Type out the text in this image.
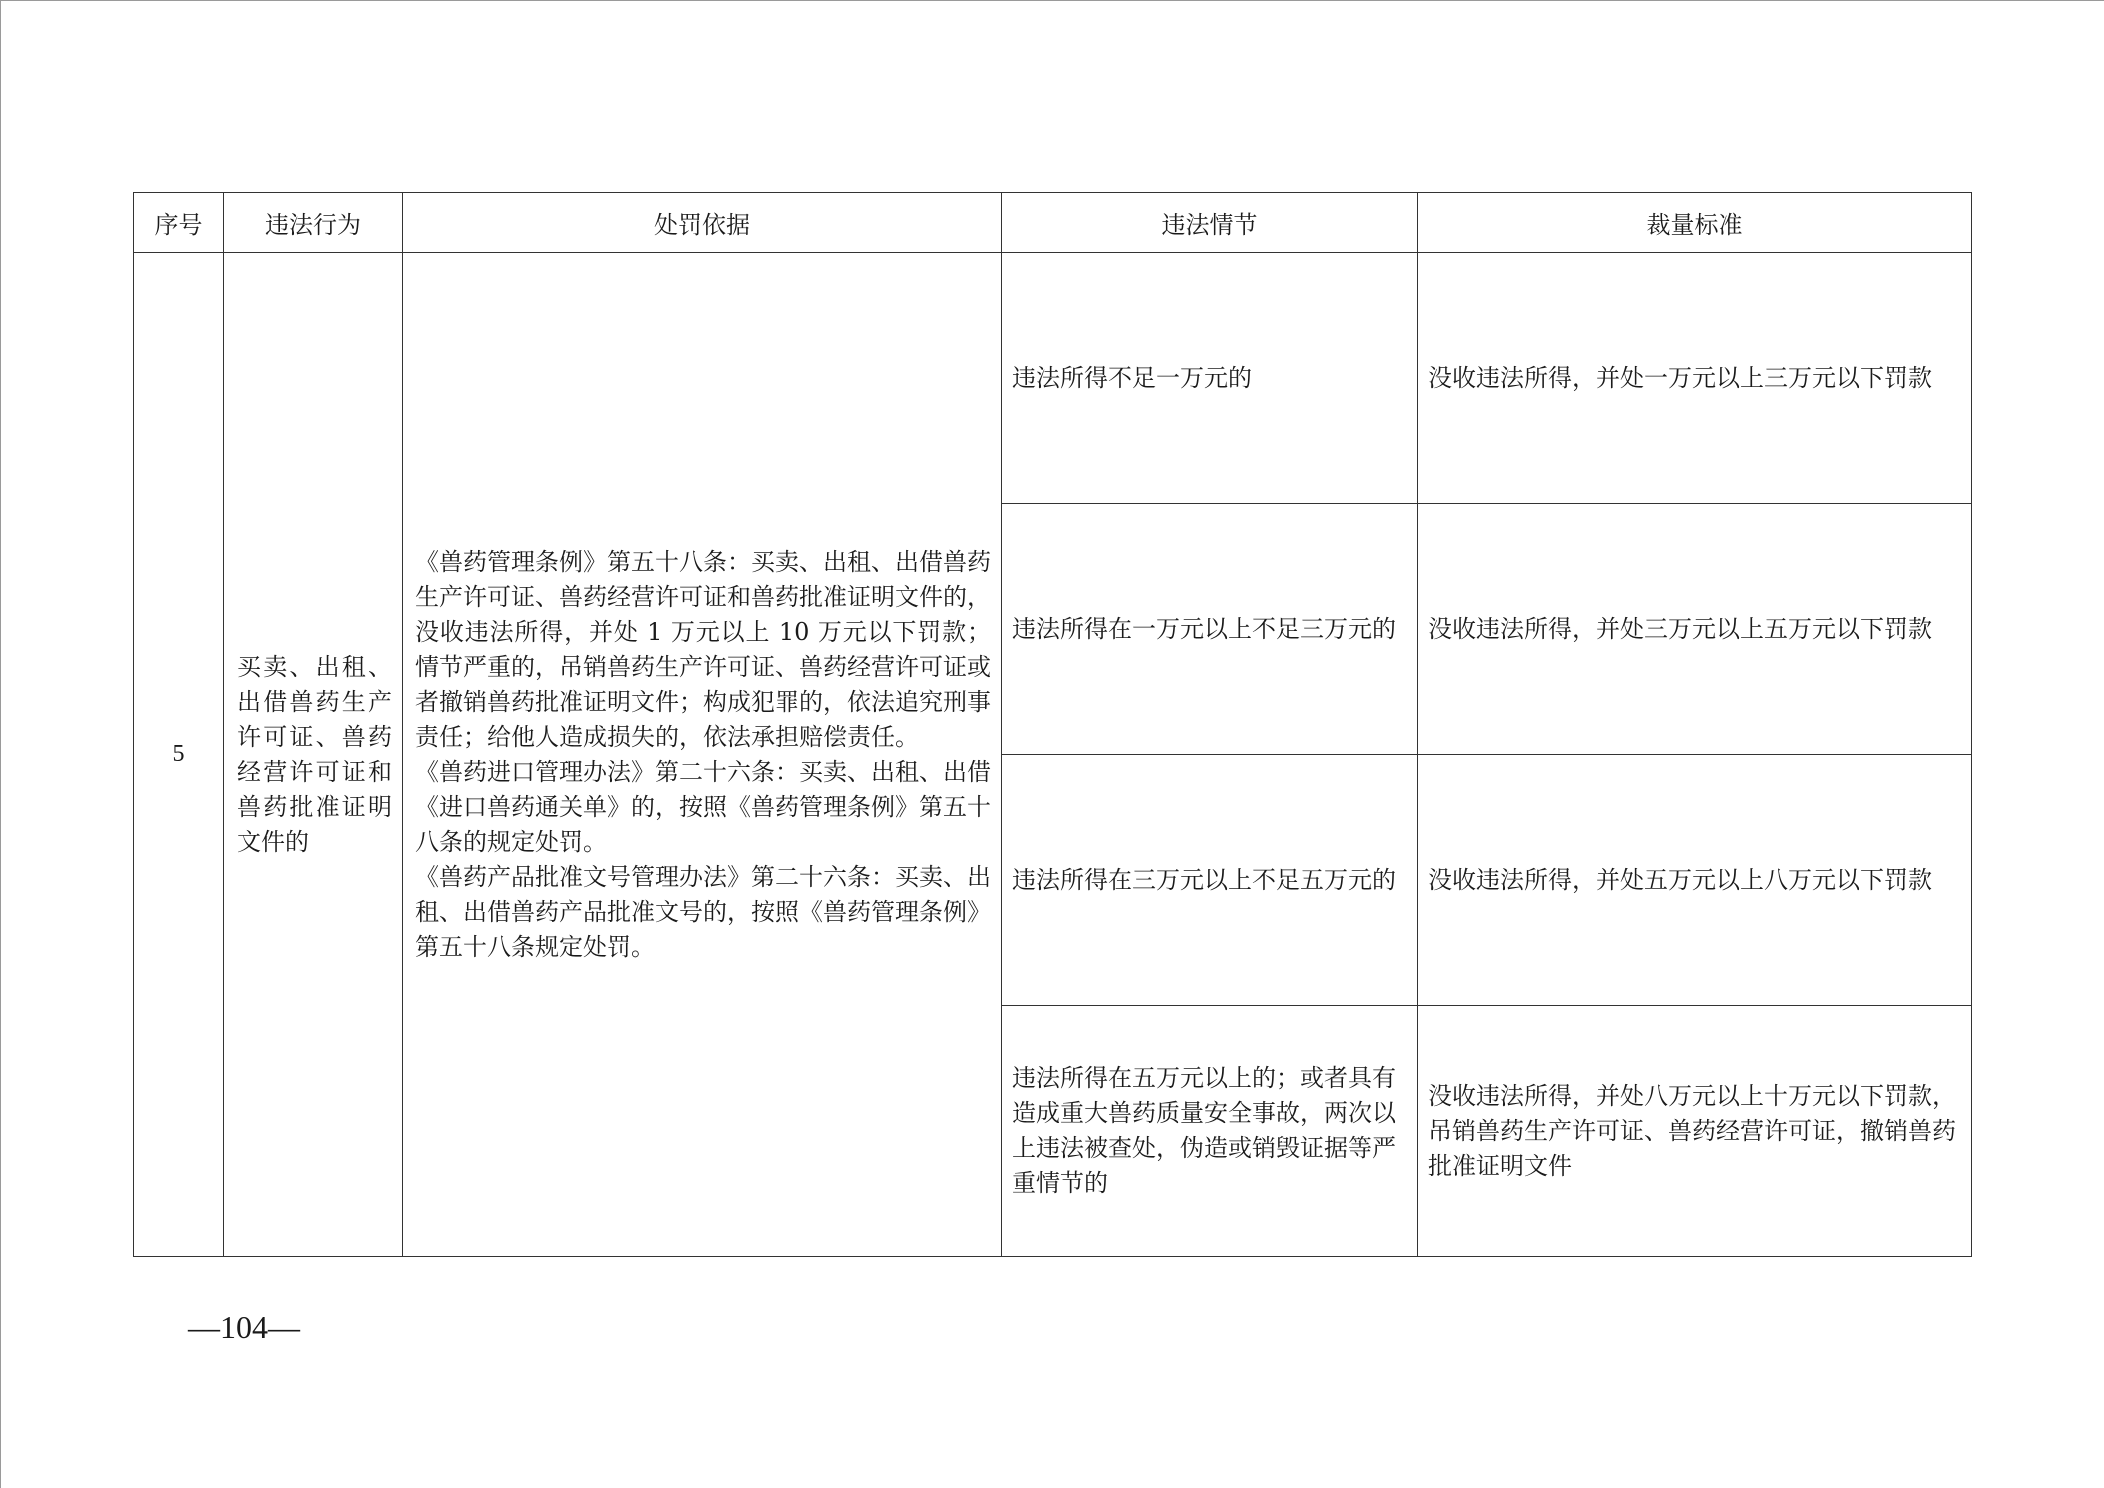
序号	违法行为	处罚依据	违法情节	裁量标准
5	买卖、出租、出借兽药生产许可证、兽药经营许可证和兽药批准证明文件的	《兽药管理条例》第五十八条：买卖、出租、出借兽药生产许可证、兽药经营许可证和兽药批准证明文件的，没收违法所得，并处 1 万元以上 10 万元以下罚款；情节严重的，吊销兽药生产许可证、兽药经营许可证或者撤销兽药批准证明文件；构成犯罪的，依法追究刑事责任；给他人造成损失的，依法承担赔偿责任。
《兽药进口管理办法》第二十六条：买卖、出租、出借《进口兽药通关单》的，按照《兽药管理条例》第五十八条的规定处罚。
《兽药产品批准文号管理办法》第二十六条：买卖、出租、出借兽药产品批准文号的，按照《兽药管理条例》第五十八条规定处罚。	违法所得不足一万元的	没收违法所得，并处一万元以上三万元以下罚款
			违法所得在一万元以上不足三万元的	没收违法所得，并处三万元以上五万元以下罚款
			违法所得在三万元以上不足五万元的	没收违法所得，并处五万元以上八万元以下罚款
			违法所得在五万元以上的；或者具有造成重大兽药质量安全事故，两次以上违法被查处，伪造或销毁证据等严重情节的	没收违法所得，并处八万元以上十万元以下罚款，吊销兽药生产许可证、兽药经营许可证，撤销兽药批准证明文件
—104—
